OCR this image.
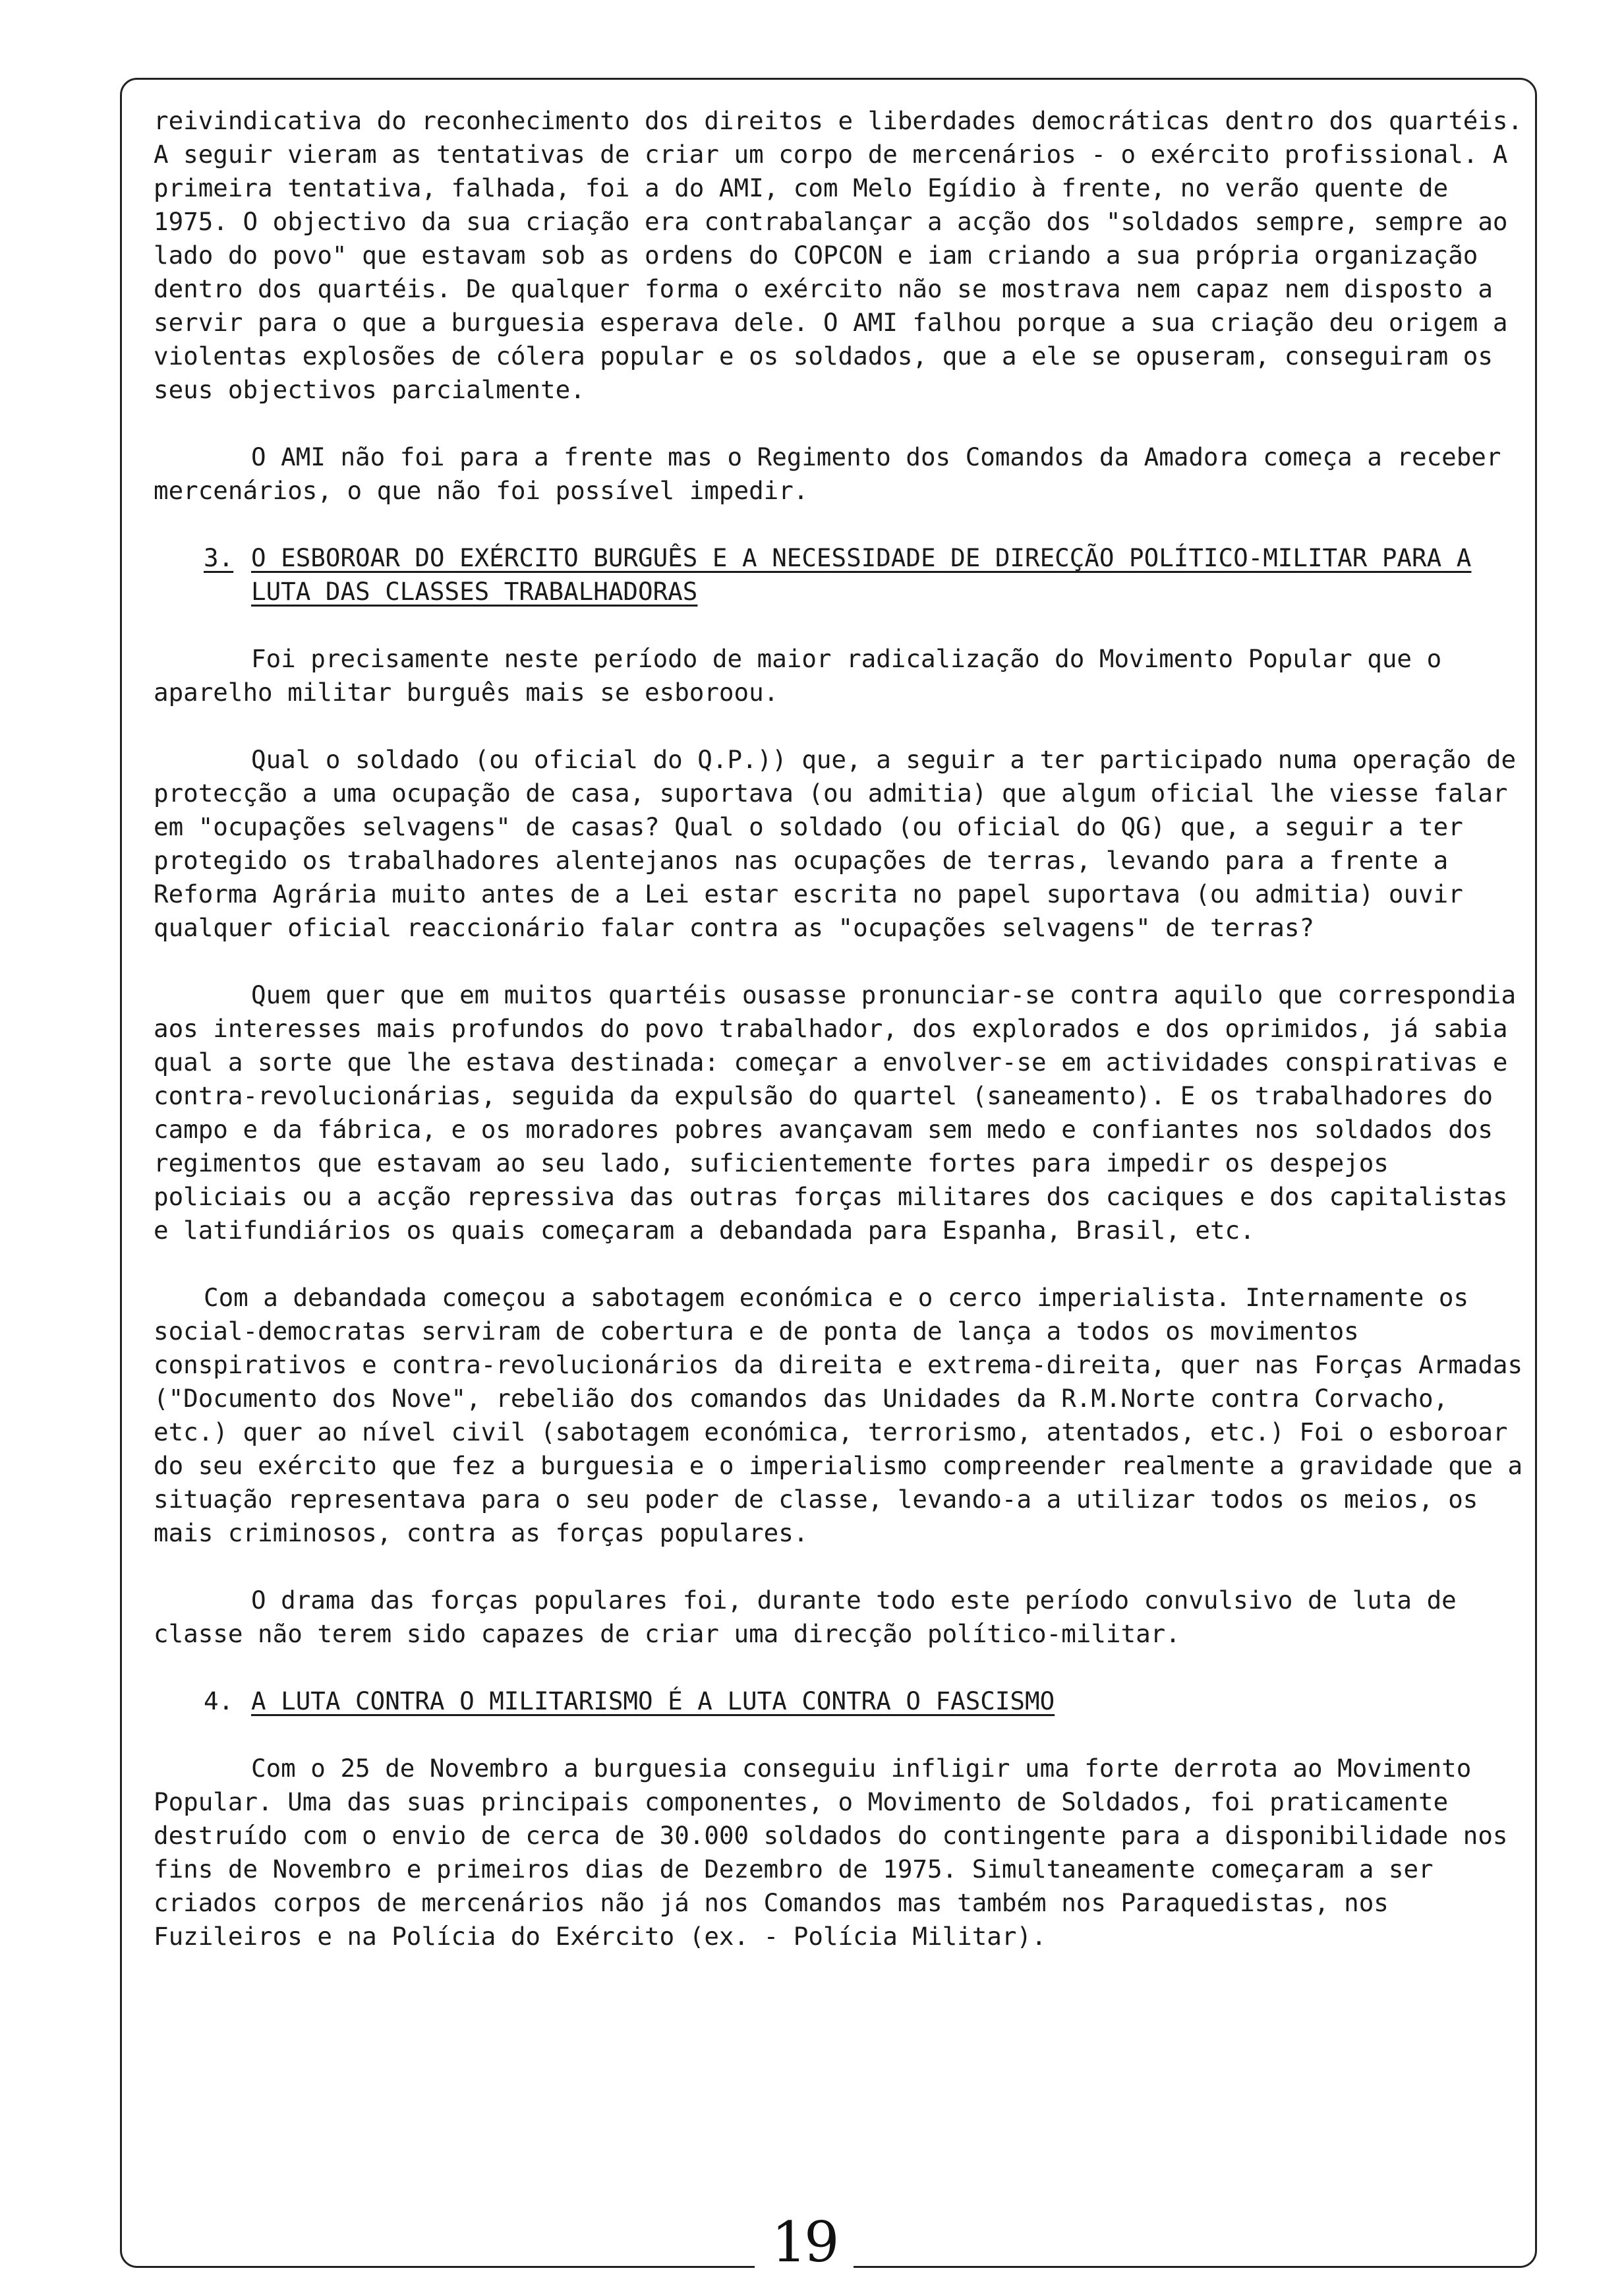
reivindicativa do reconhecimento dos direitos e liberdades democráticas dentro dos quartéis. A seguir vieram as tentativas de criar um corpo de mercenários - o exército profissional. A primeira tentativa, falhada, foi a do AMI, com Melo Egídio à frente, no verão quente de 1975. O objectivo da sua criação era contrabalançar a acção dos "soldados sempre, sempre ao lado do povo" que estavam sob as ordens do COPCON e iam criando a sua própria organização dentro dos quartéis. De qualquer forma o exército não se mostrava nem capaz nem disposto a servir para o que a burguesia esperava dele. O AMI falhou porque a sua criação deu origem a violentas explosões de cólera popular e os soldados, que a ele se opuseram, conseguiram os seus objectivos parcialmente.

O AMI não foi para a frente mas o Regimento dos Comandos da Amadora começa a receber mercenários, o que não foi possível impedir.

3. O ESBOROAR DO EXÉRCITO BURGUÊS E A NECESSIDADE DE DIRECÇÃO POLÍTICO-MILITAR PARA A LUTA DAS CLASSES TRABALHADORAS

Foi precisamente neste período de maior radicalização do Movimento Popular que o aparelho militar burguês mais se esboroou.

Qual o soldado (ou oficial do Q.P.)) que, a seguir a ter participado numa operação de protecção a uma ocupação de casa, suportava (ou admitia) que algum oficial lhe viesse falar em "ocupações selvagens" de casas? Qual o soldado (ou oficial do QG) que, a seguir a ter protegido os trabalhadores alentejanos nas ocupações de terras, levando para a frente a Reforma Agrária muito antes de a Lei estar escrita no papel suportava (ou admitia) ouvir qualquer oficial reaccionário falar contra as "ocupações selvagens" de terras?

Quem quer que em muitos quartéis ousasse pronunciar-se contra aquilo que correspondia aos interesses mais profundos do povo trabalhador, dos explorados e dos oprimidos, já sabia qual a sorte que lhe estava destinada: começar a envolver-se em actividades conspirativas e contra-revolucionárias, seguida da expulsão do quartel (saneamento). E os trabalhadores do campo e da fábrica, e os moradores pobres avançavam sem medo e confiantes nos soldados dos regimentos que estavam ao seu lado, suficientemente fortes para impedir os despejos policiais ou a acção repressiva das outras forças militares dos caciques e dos capitalistas e latifundiários os quais começaram a debandada para Espanha, Brasil, etc.

Com a debandada começou a sabotagem económica e o cerco imperialista. Internamente os social-democratas serviram de cobertura e de ponta de lança a todos os movimentos conspirativos e contra-revolucionários da direita e extrema-direita, quer nas Forças Armadas ("Documento dos Nove", rebelião dos comandos das Unidades da R.M.Norte contra Corvacho, etc.) quer ao nível civil (sabotagem económica, terrorismo, atentados, etc.) Foi o esboroar do seu exército que fez a burguesia e o imperialismo compreender realmente a gravidade que a situação representava para o seu poder de classe, levando-a a utilizar todos os meios, os mais criminosos, contra as forças populares.

O drama das forças populares foi, durante todo este período convulsivo de luta de classe não terem sido capazes de criar uma direcção político-militar.

4. A LUTA CONTRA O MILITARISMO É A LUTA CONTRA O FASCISMO

Com o 25 de Novembro a burguesia conseguiu infligir uma forte derrota ao Movimento Popular. Uma das suas principais componentes, o Movimento de Soldados, foi praticamente destruído com o envio de cerca de 30.000 soldados do contingente para a disponibilidade nos fins de Novembro e primeiros dias de Dezembro de 1975. Simultaneamente começaram a ser criados corpos de mercenários não já nos Comandos mas também nos Paraquedistas, nos Fuzileiros e na Polícia do Exército (ex. - Polícia Militar).

19
